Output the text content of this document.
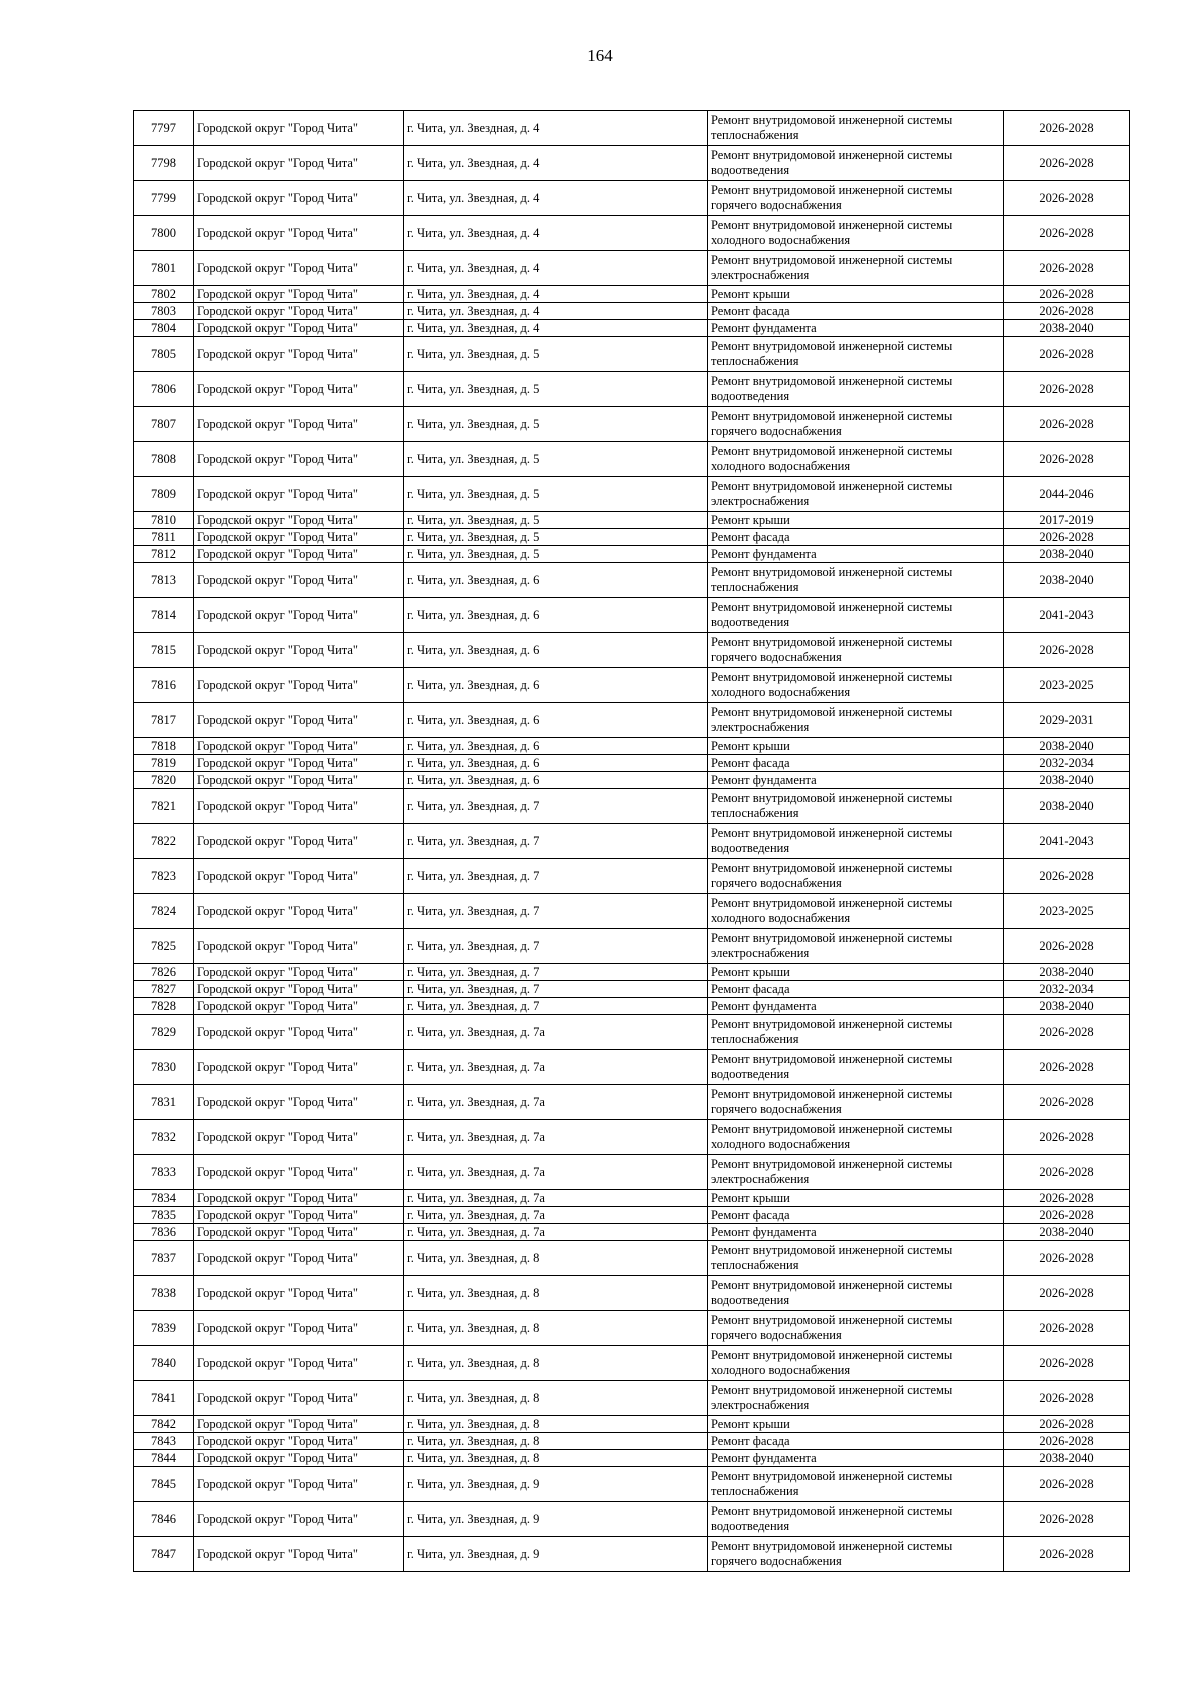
164
7797	Городской округ "Город Чита"	г. Чита, ул. Звездная, д. 4	Ремонт внутридомовой инженерной системы теплоснабжения	2026-2028
7798	Городской округ "Город Чита"	г. Чита, ул. Звездная, д. 4	Ремонт внутридомовой инженерной системы водоотведения	2026-2028
7799	Городской округ "Город Чита"	г. Чита, ул. Звездная, д. 4	Ремонт внутридомовой инженерной системы горячего водоснабжения	2026-2028
7800	Городской округ "Город Чита"	г. Чита, ул. Звездная, д. 4	Ремонт внутридомовой инженерной системы холодного водоснабжения	2026-2028
7801	Городской округ "Город Чита"	г. Чита, ул. Звездная, д. 4	Ремонт внутридомовой инженерной системы электроснабжения	2026-2028
7802	Городской округ "Город Чита"	г. Чита, ул. Звездная, д. 4	Ремонт крыши	2026-2028
7803	Городской округ "Город Чита"	г. Чита, ул. Звездная, д. 4	Ремонт фасада	2026-2028
7804	Городской округ "Город Чита"	г. Чита, ул. Звездная, д. 4	Ремонт фундамента	2038-2040
7805	Городской округ "Город Чита"	г. Чита, ул. Звездная, д. 5	Ремонт внутридомовой инженерной системы теплоснабжения	2026-2028
7806	Городской округ "Город Чита"	г. Чита, ул. Звездная, д. 5	Ремонт внутридомовой инженерной системы водоотведения	2026-2028
7807	Городской округ "Город Чита"	г. Чита, ул. Звездная, д. 5	Ремонт внутридомовой инженерной системы горячего водоснабжения	2026-2028
7808	Городской округ "Город Чита"	г. Чита, ул. Звездная, д. 5	Ремонт внутридомовой инженерной системы холодного водоснабжения	2026-2028
7809	Городской округ "Город Чита"	г. Чита, ул. Звездная, д. 5	Ремонт внутридомовой инженерной системы электроснабжения	2044-2046
7810	Городской округ "Город Чита"	г. Чита, ул. Звездная, д. 5	Ремонт крыши	2017-2019
7811	Городской округ "Город Чита"	г. Чита, ул. Звездная, д. 5	Ремонт фасада	2026-2028
7812	Городской округ "Город Чита"	г. Чита, ул. Звездная, д. 5	Ремонт фундамента	2038-2040
7813	Городской округ "Город Чита"	г. Чита, ул. Звездная, д. 6	Ремонт внутридомовой инженерной системы теплоснабжения	2038-2040
7814	Городской округ "Город Чита"	г. Чита, ул. Звездная, д. 6	Ремонт внутридомовой инженерной системы водоотведения	2041-2043
7815	Городской округ "Город Чита"	г. Чита, ул. Звездная, д. 6	Ремонт внутридомовой инженерной системы горячего водоснабжения	2026-2028
7816	Городской округ "Город Чита"	г. Чита, ул. Звездная, д. 6	Ремонт внутридомовой инженерной системы холодного водоснабжения	2023-2025
7817	Городской округ "Город Чита"	г. Чита, ул. Звездная, д. 6	Ремонт внутридомовой инженерной системы электроснабжения	2029-2031
7818	Городской округ "Город Чита"	г. Чита, ул. Звездная, д. 6	Ремонт крыши	2038-2040
7819	Городской округ "Город Чита"	г. Чита, ул. Звездная, д. 6	Ремонт фасада	2032-2034
7820	Городской округ "Город Чита"	г. Чита, ул. Звездная, д. 6	Ремонт фундамента	2038-2040
7821	Городской округ "Город Чита"	г. Чита, ул. Звездная, д. 7	Ремонт внутридомовой инженерной системы теплоснабжения	2038-2040
7822	Городской округ "Город Чита"	г. Чита, ул. Звездная, д. 7	Ремонт внутридомовой инженерной системы водоотведения	2041-2043
7823	Городской округ "Город Чита"	г. Чита, ул. Звездная, д. 7	Ремонт внутридомовой инженерной системы горячего водоснабжения	2026-2028
7824	Городской округ "Город Чита"	г. Чита, ул. Звездная, д. 7	Ремонт внутридомовой инженерной системы холодного водоснабжения	2023-2025
7825	Городской округ "Город Чита"	г. Чита, ул. Звездная, д. 7	Ремонт внутридомовой инженерной системы электроснабжения	2026-2028
7826	Городской округ "Город Чита"	г. Чита, ул. Звездная, д. 7	Ремонт крыши	2038-2040
7827	Городской округ "Город Чита"	г. Чита, ул. Звездная, д. 7	Ремонт фасада	2032-2034
7828	Городской округ "Город Чита"	г. Чита, ул. Звездная, д. 7	Ремонт фундамента	2038-2040
7829	Городской округ "Город Чита"	г. Чита, ул. Звездная, д. 7а	Ремонт внутридомовой инженерной системы теплоснабжения	2026-2028
7830	Городской округ "Город Чита"	г. Чита, ул. Звездная, д. 7а	Ремонт внутридомовой инженерной системы водоотведения	2026-2028
7831	Городской округ "Город Чита"	г. Чита, ул. Звездная, д. 7а	Ремонт внутридомовой инженерной системы горячего водоснабжения	2026-2028
7832	Городской округ "Город Чита"	г. Чита, ул. Звездная, д. 7а	Ремонт внутридомовой инженерной системы холодного водоснабжения	2026-2028
7833	Городской округ "Город Чита"	г. Чита, ул. Звездная, д. 7а	Ремонт внутридомовой инженерной системы электроснабжения	2026-2028
7834	Городской округ "Город Чита"	г. Чита, ул. Звездная, д. 7а	Ремонт крыши	2026-2028
7835	Городской округ "Город Чита"	г. Чита, ул. Звездная, д. 7а	Ремонт фасада	2026-2028
7836	Городской округ "Город Чита"	г. Чита, ул. Звездная, д. 7а	Ремонт фундамента	2038-2040
7837	Городской округ "Город Чита"	г. Чита, ул. Звездная, д. 8	Ремонт внутридомовой инженерной системы теплоснабжения	2026-2028
7838	Городской округ "Город Чита"	г. Чита, ул. Звездная, д. 8	Ремонт внутридомовой инженерной системы водоотведения	2026-2028
7839	Городской округ "Город Чита"	г. Чита, ул. Звездная, д. 8	Ремонт внутридомовой инженерной системы горячего водоснабжения	2026-2028
7840	Городской округ "Город Чита"	г. Чита, ул. Звездная, д. 8	Ремонт внутридомовой инженерной системы холодного водоснабжения	2026-2028
7841	Городской округ "Город Чита"	г. Чита, ул. Звездная, д. 8	Ремонт внутридомовой инженерной системы электроснабжения	2026-2028
7842	Городской округ "Город Чита"	г. Чита, ул. Звездная, д. 8	Ремонт крыши	2026-2028
7843	Городской округ "Город Чита"	г. Чита, ул. Звездная, д. 8	Ремонт фасада	2026-2028
7844	Городской округ "Город Чита"	г. Чита, ул. Звездная, д. 8	Ремонт фундамента	2038-2040
7845	Городской округ "Город Чита"	г. Чита, ул. Звездная, д. 9	Ремонт внутридомовой инженерной системы теплоснабжения	2026-2028
7846	Городской округ "Город Чита"	г. Чита, ул. Звездная, д. 9	Ремонт внутридомовой инженерной системы водоотведения	2026-2028
7847	Городской округ "Город Чита"	г. Чита, ул. Звездная, д. 9	Ремонт внутридомовой инженерной системы горячего водоснабжения	2026-2028
